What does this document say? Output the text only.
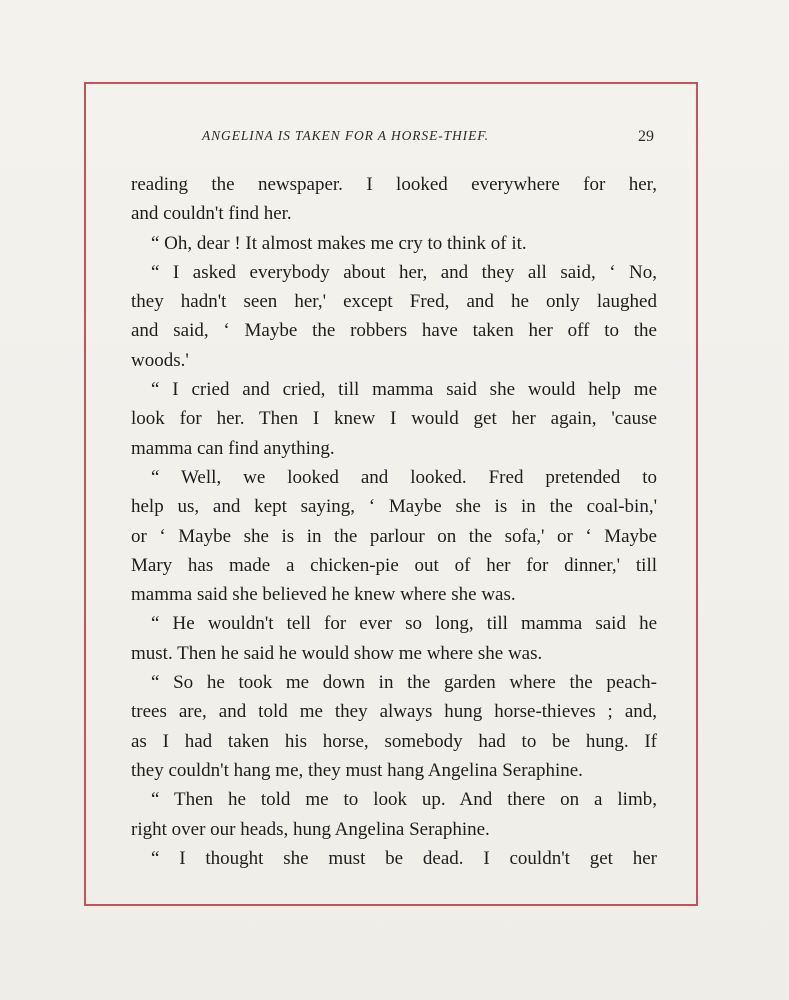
ANGELINA IS TAKEN FOR A HORSE-THIEF.	29
reading the newspaper. I looked everywhere for her,
and couldn't find her.
“ Oh, dear ! It almost makes me cry to think of it.
“ I asked everybody about her, and they all said, ‘ No,
they hadn't seen her,' except Fred, and he only laughed
and said, ‘ Maybe the robbers have taken her off to the
woods.'
“ I cried and cried, till mamma said she would help me
look for her. Then I knew I would get her again, 'cause
mamma can find anything.
“ Well, we looked and looked. Fred pretended to
help us, and kept saying, ‘ Maybe she is in the coal-bin,'
or ‘ Maybe she is in the parlour on the sofa,' or ‘ Maybe
Mary has made a chicken-pie out of her for dinner,' till
mamma said she believed he knew where she was.
“ He wouldn't tell for ever so long, till mamma said he
must. Then he said he would show me where she was.
“ So he took me down in the garden where the peach-
trees are, and told me they always hung horse-thieves ; and,
as I had taken his horse, somebody had to be hung. If
they couldn't hang me, they must hang Angelina Seraphine.
“ Then he told me to look up. And there on a limb,
right over our heads, hung Angelina Seraphine.
“ I thought she must be dead. I couldn't get her
